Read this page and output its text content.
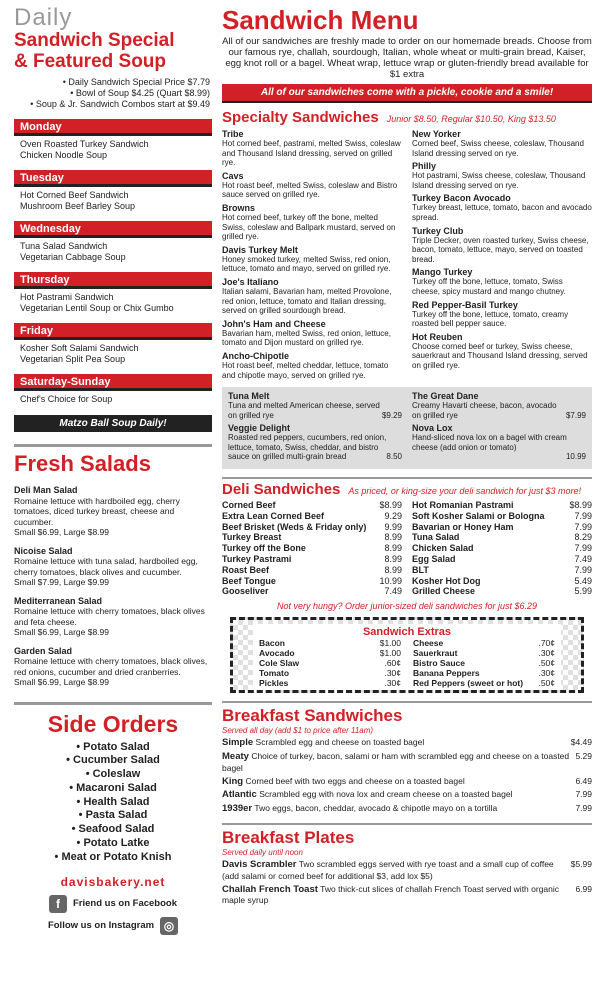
Daily
Sandwich Special
& Featured Soup
• Daily Sandwich Special Price $7.79
• Bowl of Soup $4.25 (Quart $8.99)
• Soup & Jr. Sandwich Combos start at $9.49
Monday
Oven Roasted Turkey Sandwich
Chicken Noodle Soup
Tuesday
Hot Corned Beef Sandwich
Mushroom Beef Barley Soup
Wednesday
Tuna Salad Sandwich
Vegetarian Cabbage Soup
Thursday
Hot Pastrami Sandwich
Vegetarian Lentil Soup or Chix Gumbo
Friday
Kosher Soft Salami Sandwich
Vegetarian Split Pea Soup
Saturday-Sunday
Chef's Choice for Soup
Matzo Ball Soup Daily!
Fresh Salads
Deli Man Salad
Romaine lettuce with hardboiled egg, cherry tomatoes, diced turkey breast, cheese and cucumber.
Small $6.99, Large $8.99
Nicoise Salad
Romaine lettuce with tuna salad, hardboiled egg, cherry tomatoes, black olives and cucumber.
Small $7.99, Large $9.99
Mediterranean Salad
Romaine lettuce with cherry tomatoes, black olives and feta cheese.
Small $6.99, Large $8.99
Garden Salad
Romaine lettuce with cherry tomatoes, black olives, red onions, cucumber and dried cranberries.
Small $6.99, Large $8.99
Side Orders
• Potato Salad
• Cucumber Salad
• Coleslaw
• Macaroni Salad
• Health Salad
• Pasta Salad
• Seafood Salad
• Potato Latke
• Meat or Potato Knish
davisbakery.net
f	Friend us on Facebook
Follow us on Instagram ◎
Sandwich Menu
All of our sandwiches are freshly made to order on our homemade breads. Choose from our famous rye, challah, sourdough, Italian, whole wheat or multi-grain bread, Kaiser, egg knot roll or a bagel. Wheat wrap, lettuce wrap or gluten-friendly bread available for $1 extra
All of our sandwiches come with a pickle, cookie and a smile!
Specialty Sandwiches Junior $8.50, Regular $10.50, King $13.50
Tribe
Hot corned beef, pastrami, melted Swiss, coleslaw and Thousand Island dressing, served on grilled rye.
Cavs
Hot roast beef, melted Swiss, coleslaw and Bistro sauce served on grilled rye.
Browns
Hot corned beef, turkey off the bone, melted Swiss, coleslaw and Ballpark mustard, served on grilled rye.
Davis Turkey Melt
Honey smoked turkey, melted Swiss, red onion, lettuce, tomato and mayo, served on grilled rye.
Joe's Italiano
Italian salami, Bavarian ham, melted Provolone, red onion, lettuce, tomato and Italian dressing, served on grilled sourdough bread.
John's Ham and Cheese
Bavarian ham, melted Swiss, red onion, lettuce, tomato and Dijon mustard on grilled rye.
Ancho-Chipotle
Hot roast beef, melted cheddar, lettuce, tomato and chipotle mayo, served on grilled rye.
New Yorker
Corned beef, Swiss cheese, coleslaw, Thousand Island dressing served on rye.
Philly
Hot pastrami, Swiss cheese, coleslaw, Thousand Island dressing served on rye.
Turkey Bacon Avocado
Turkey breast, lettuce, tomato, bacon and avocado spread.
Turkey Club
Triple Decker, oven roasted turkey, Swiss cheese, bacon, tomato, lettuce, mayo, served on toasted bread.
Mango Turkey
Turkey off the bone, lettuce, tomato, Swiss cheese, spicy mustard and mango chutney.
Red Pepper-Basil Turkey
Turkey off the bone, lettuce, tomato, creamy roasted bell pepper sauce.
Hot Reuben
Choose corned beef or turkey, Swiss cheese, sauerkraut and Thousand Island dressing, served on grilled rye.
Tuna Melt
Tuna and melted American cheese, served
on grilled rye	$9.29
Veggie Delight
Roasted red peppers, cucumbers, red onion, lettuce, tomato, Swiss, cheddar, and bistro
sauce on grilled multi-grain bread	8.50
The Great Dane
Creamy Havarti cheese, bacon, avocado
on grilled rye	$7.99
Nova Lox
Hand-sliced nova lox on a bagel with cream cheese (add onion or tomato)
10.99
Deli Sandwiches As priced, or king-size your deli sandwich for just $3 more!
Corned Beef	$8.99
Extra Lean Corned Beef	9.29
Beef Brisket (Weds & Friday only) 9.99
Turkey Breast	8.99
Turkey off the Bone	8.99
Turkey Pastrami	8.99
Roast Beef	8.99
Beef Tongue	10.99
Gooseliver	7.49
Hot Romanian Pastrami	$8.99
Soft Kosher Salami or Bologna	7.99
Bavarian or Honey Ham	7.99
Tuna Salad	8.29
Chicken Salad	7.99
Egg Salad	7.49
BLT	7.99
Kosher Hot Dog	5.49
Grilled Cheese	5.99
Not very hungy? Order junior-sized deli sandwiches for just $6.29
Sandwich Extras
Bacon	$1.00
Avocado	$1.00
Cole Slaw	.60¢
Tomato	.30¢
Pickles	.30¢
Cheese	.70¢
Sauerkraut	.30¢
Bistro Sauce	.50¢
Banana Peppers	.30¢
Red Peppers (sweet or hot) .50¢
Breakfast Sandwiches
Served all day (add $1 to price after 11am)
Simple Scrambled egg and cheese on toasted bagel	$4.49
Meaty Choice of turkey, bacon, salami or ham with scrambled egg and cheese on a toasted bagel
5.29
King Corned beef with two eggs and cheese on a toasted bagel	6.49
Atlantic Scrambled egg with nova lox and cream cheese on a toasted bagel	7.99
1939er Two eggs, bacon, cheddar, avocado & chipotle mayo on a tortilla	7.99
Breakfast Plates
Served daily until noon
Davis Scrambler Two scrambled eggs served with rye toast and a small cup of coffee $5.99
(add salami or corned beef for additional $3, add lox $5)
Challah French Toast Two thick-cut slices of challah French Toast served with organic maple syrup
6.99
